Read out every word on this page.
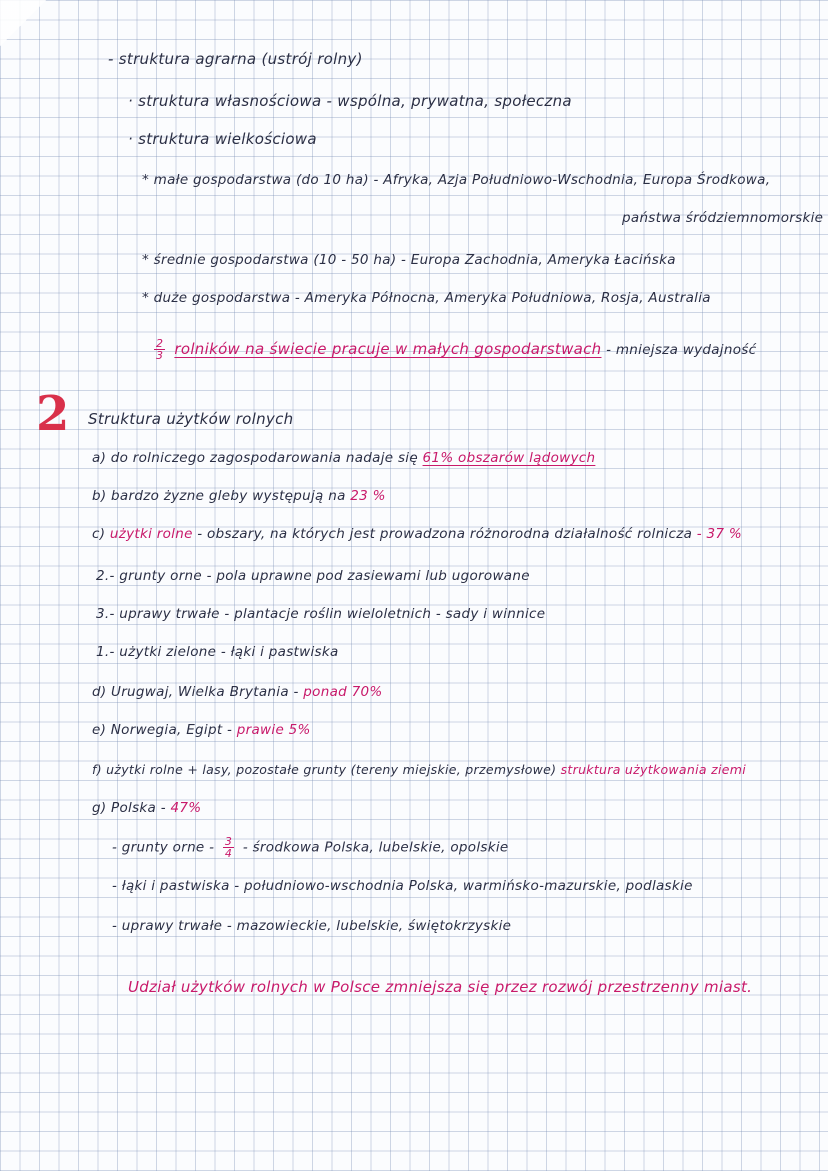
- struktura agrarna (ustrój rolny)
· struktura własnościowa - wspólna, prywatna, społeczna
· struktura wielkościowa
* małe gospodarstwa (do 10 ha) - Afryka, Azja Południowo-Wschodnia, Europa Środkowa,
państwa śródziemnomorskie
* średnie gospodarstwa (10 - 50 ha) - Europa Zachodnia, Ameryka Łacińska
* duże gospodarstwa - Ameryka Północna, Ameryka Południowa, Rosja, Australia
$\frac{2}{3}$ rolników na świecie pracuje w małych gospodarstwach - mniejsza wydajność
2 Struktura użytków rolnych
a) do rolniczego zagospodarowania nadaje się 61% obszarów lądowych
b) bardzo żyzne gleby występują na 23 %
c) użytki rolne - obszary, na których jest prowadzona różnorodna działalność rolnicza - 37 %
2.- grunty orne - pola uprawne pod zasiewami lub ugorowane
3.- uprawy trwałe - plantacje roślin wieloletnich - sady i winnice
1.- użytki zielone - łąki i pastwiska
d) Urugwaj, Wielka Brytania - ponad 70%
e) Norwegia, Egipt - prawie 5%
f) użytki rolne + lasy, pozostałe grunty (tereny miejskie, przemysłowe) struktura użytkowania ziemi
g) Polska - 47%
- grunty orne - $\frac{3}{4}$ - środkowa Polska, lubelskie, opolskie
- łąki i pastwiska - południowo-wschodnia Polska, warmińsko-mazurskie, podlaskie
- uprawy trwałe - mazowieckie, lubelskie, świętokrzyskie
Udział użytków rolnych w Polsce zmniejsza się przez rozwój przestrzenny miast.
